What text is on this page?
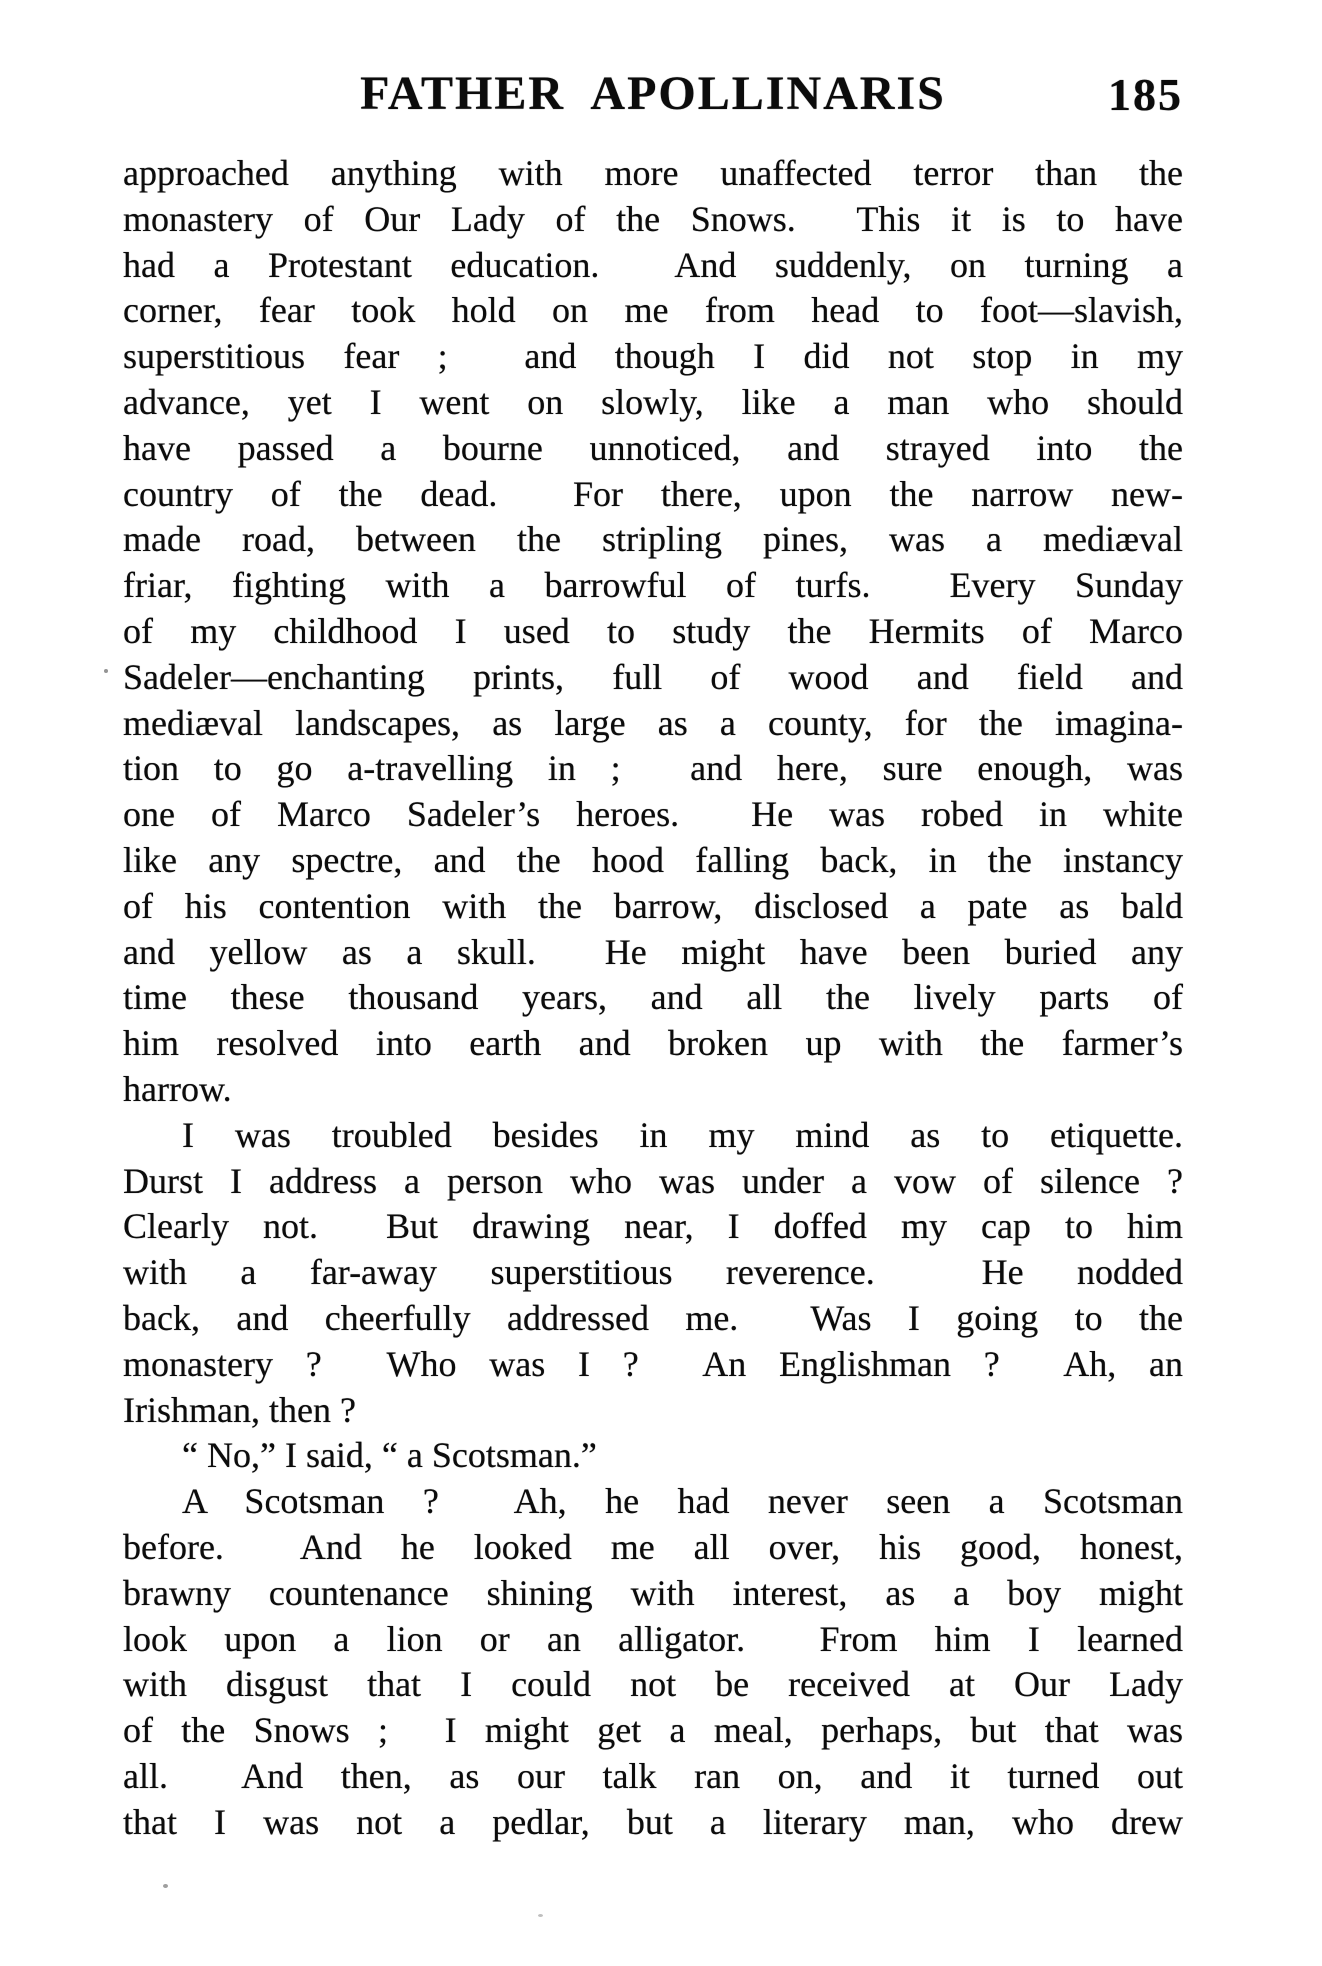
FATHER APOLLINARIS	185
approached anything with more unaffected terror than the
monastery of Our Lady of the Snows.  This it is to have
had a Protestant education.  And suddenly, on turning a
corner, fear took hold on me from head to foot—slavish,
superstitious fear ;  and though I did not stop in my
advance, yet I went on slowly, like a man who should
have passed a bourne unnoticed, and strayed into the
country of the dead.  For there, upon the narrow new-
made road, between the stripling pines, was a mediæval
friar, fighting with a barrowful of turfs.  Every Sunday
of my childhood I used to study the Hermits of Marco
Sadeler—enchanting prints, full of wood and field and
mediæval landscapes, as large as a county, for the imagina-
tion to go a-travelling in ;  and here, sure enough, was
one of Marco Sadeler’s heroes.  He was robed in white
like any spectre, and the hood falling back, in the instancy
of his contention with the barrow, disclosed a pate as bald
and yellow as a skull.  He might have been buried any
time these thousand years, and all the lively parts of
him resolved into earth and broken up with the farmer’s
harrow.
I was troubled besides in my mind as to etiquette.
Durst I address a person who was under a vow of silence ?
Clearly not.  But drawing near, I doffed my cap to him
with a far-away superstitious reverence.  He nodded
back, and cheerfully addressed me.  Was I going to the
monastery ?  Who was I ?  An Englishman ?  Ah, an
Irishman, then ?
“ No,” I said, “ a Scotsman.”
A Scotsman ?  Ah, he had never seen a Scotsman
before.  And he looked me all over, his good, honest,
brawny countenance shining with interest, as a boy might
look upon a lion or an alligator.  From him I learned
with disgust that I could not be received at Our Lady
of the Snows ;  I might get a meal, perhaps, but that was
all.  And then, as our talk ran on, and it turned out
that I was not a pedlar, but a literary man, who drew
